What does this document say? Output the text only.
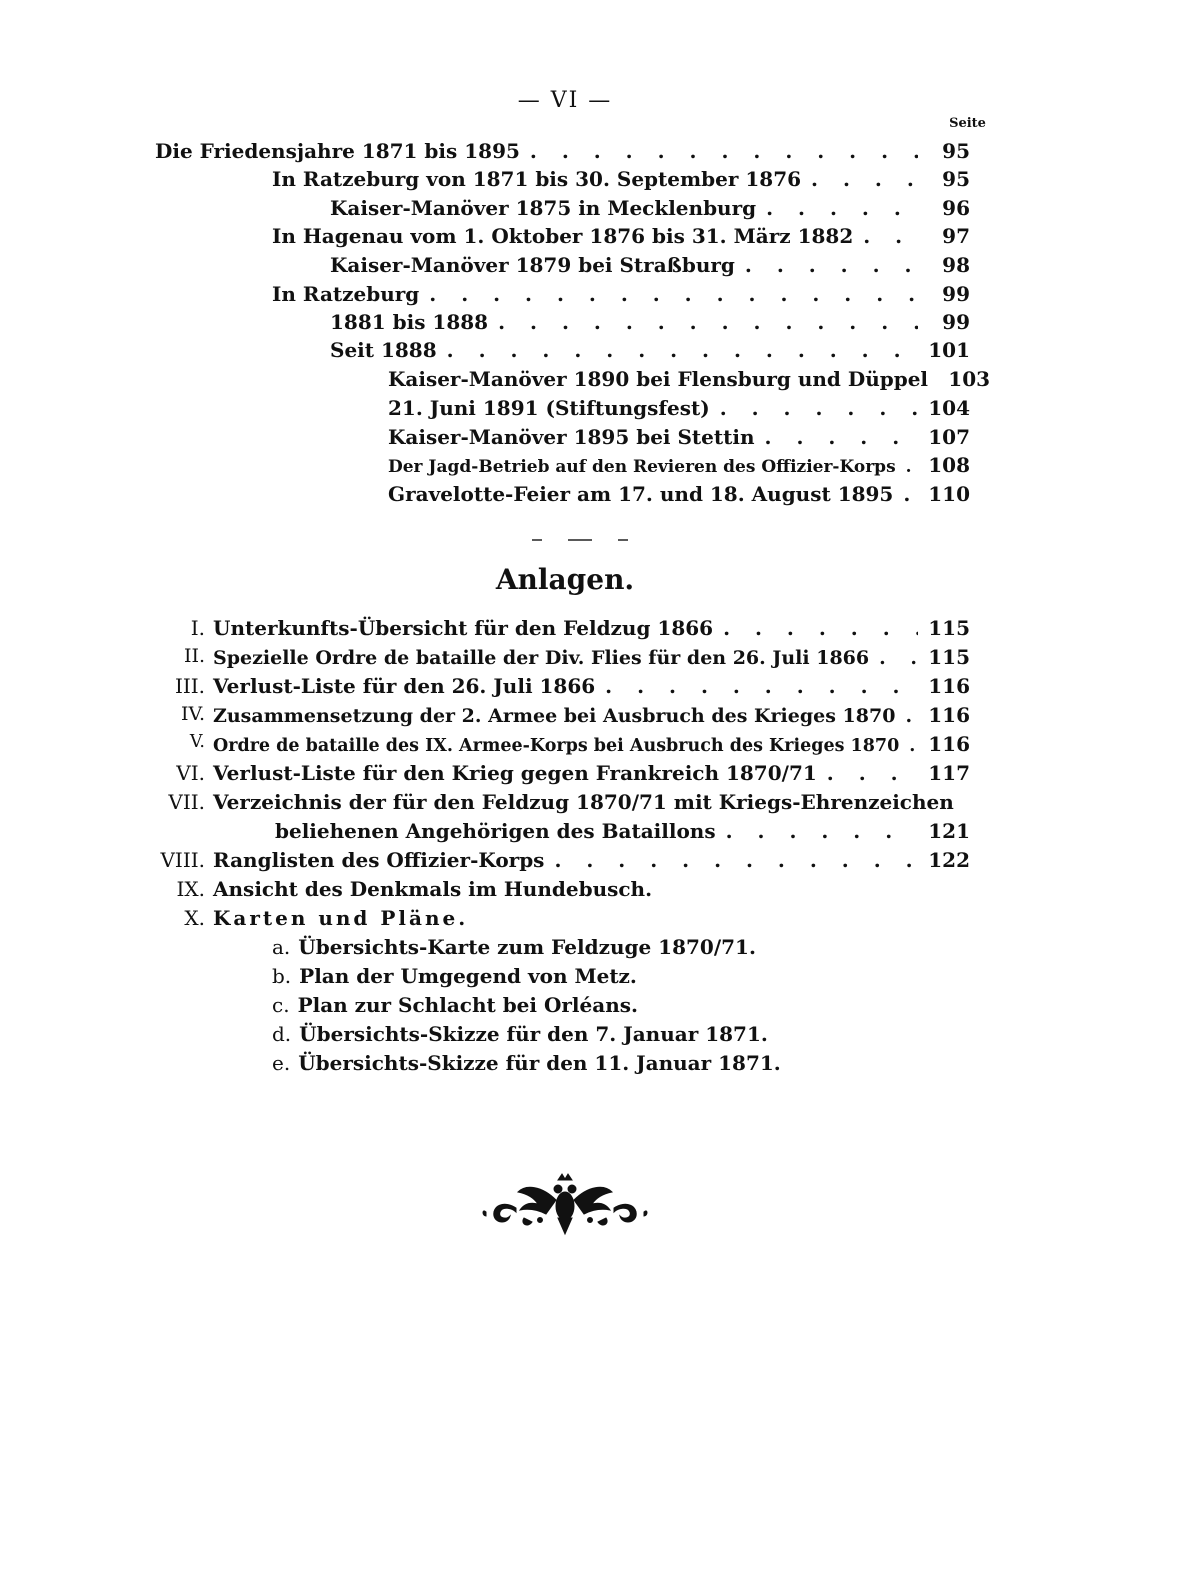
— VI —
Seite
Die Friedensjahre 1871 bis 1895 . . .	95
In Ratzeburg von 1871 bis 30. September 1876 . . .	95
Kaiser-Manöver 1875 in Mecklenburg . . .	96
In Hagenau vom 1. Oktober 1876 bis 31. März 1882 . . .	97
Kaiser-Manöver 1879 bei Straßburg . . .	98
In Ratzeburg . . .	99
1881 bis 1888 . . .	99
Seit 1888 . . .	101
Kaiser-Manöver 1890 bei Flensburg und Düppel 103
21. Juni 1891 (Stiftungsfest) . . .	104
Kaiser-Manöver 1895 bei Stettin . . .	107
Der Jagd-Betrieb auf den Revieren des Offizier-Korps . . . 108
Gravelotte-Feier am 17. und 18. August 1895 . . . 110
Anlagen.
I. Unterkunfts-Übersicht für den Feldzug 1866 . . .	115
II. Spezielle Ordre de bataille der Div. Flies für den 26. Juli 1866 . . .	115
III. Verlust-Liste für den 26. Juli 1866 . . .	116
IV. Zusammensetzung der 2. Armee bei Ausbruch des Krieges 1870 . . . 116
V. Ordre de bataille des IX. Armee-Korps bei Ausbruch des Krieges 1870 . . . 116
VI. Verlust-Liste für den Krieg gegen Frankreich 1870/71 . . .	117
VII. Verzeichnis der für den Feldzug 1870/71 mit Kriegs-Ehrenzeichen
beliehenen Angehörigen des Bataillons . . .	121
VIII. Ranglisten des Offizier-Korps . . .	122
IX. Ansicht des Denkmals im Hundebusch.
X. Karten und Pläne.
a. Übersichts-Karte zum Feldzuge 1870/71.
b. Plan der Umgegend von Metz.
c. Plan zur Schlacht bei Orléans.
d. Übersichts-Skizze für den 7. Januar 1871.
e. Übersichts-Skizze für den 11. Januar 1871.
